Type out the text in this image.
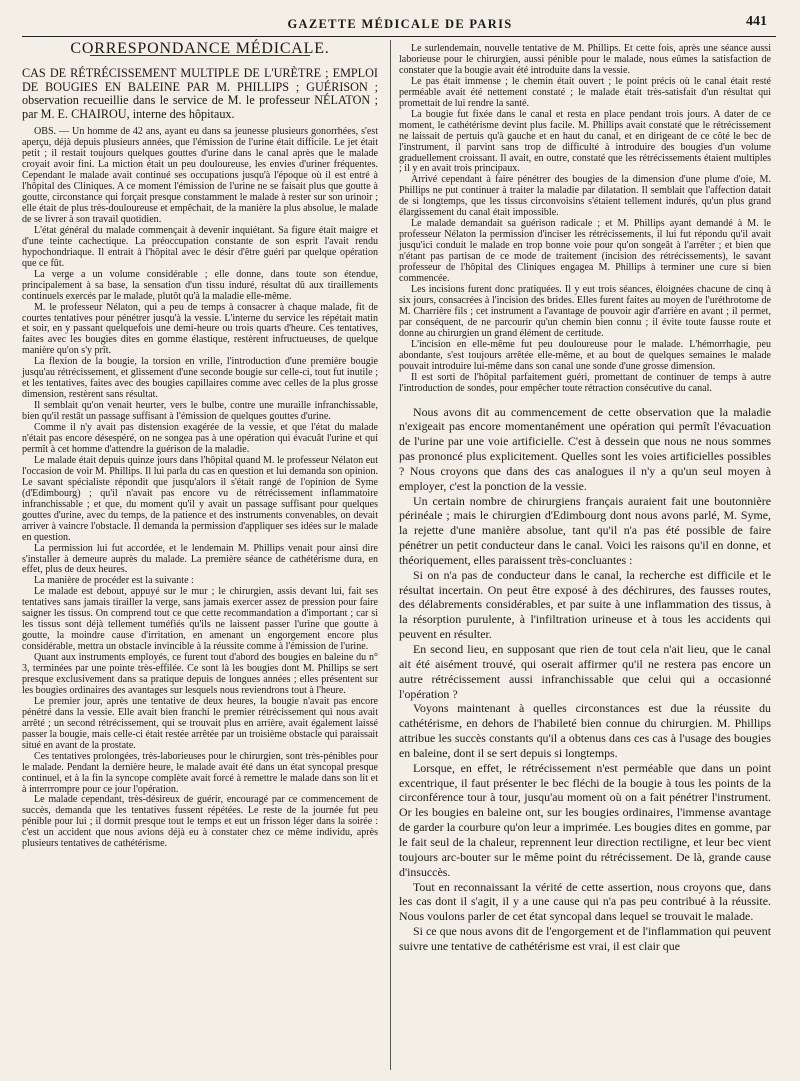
GAZETTE MÉDICALE DE PARIS	441

CORRESPONDANCE MÉDICALE.

CAS DE RÉTRÉCISSEMENT MULTIPLE DE L'URÈTRE ; EMPLOI DE BOUGIES EN BALEINE PAR M. PHILLIPS ; GUÉRISON ; observation recueillie dans le service de M. le professeur NÉLATON ; par M. E. CHAIROU, interne des hôpitaux.

OBS. — Un homme de 42 ans, ayant eu dans sa jeunesse plusieurs gonorrhées, s'est aperçu, déjà depuis plusieurs années, que l'émission de l'urine était difficile. Le jet était petit ; il restait toujours quelques gouttes d'urine dans le canal après que le malade croyait avoir fini. La miction était un peu douloureuse, les envies d'uriner fréquentes. Cependant le malade avait continué ses occupations jusqu'à l'époque où il est entré à l'hôpital des Cliniques. A ce moment l'émission de l'urine ne se faisait plus que goutte à goutte, circonstance qui forçait presque constamment le malade à rester sur son urinoir ; elle était de plus très-douloureuse et empêchait, de la manière la plus absolue, le malade de se livrer à son travail quotidien.

L'état général du malade commençait à devenir inquiétant. Sa figure était maigre et d'une teinte cachectique. La préoccupation constante de son esprit l'avait rendu hypochondriaque. Il entrait à l'hôpital avec le désir d'être guéri par quelque opération que ce fût.

La verge a un volume considérable ; elle donne, dans toute son étendue, principalement à sa base, la sensation d'un tissu induré, résultat dû aux tiraillements continuels exercés par le malade, plutôt qu'à la maladie elle-même.

M. le professeur Nélaton, qui a peu de temps à consacrer à chaque malade, fit de courtes tentatives pour pénétrer jusqu'à la vessie. L'interne du service les répétait matin et soir, en y passant quelquefois une demi-heure ou trois quarts d'heure. Ces tentatives, faites avec les bougies dites en gomme élastique, restèrent infructueuses, de quelque manière qu'on s'y prît.

La flexion de la bougie, la torsion en vrille, l'introduction d'une première bougie jusqu'au rétrécissement, et glissement d'une seconde bougie sur celle-ci, tout fut inutile ; et les tentatives, faites avec des bougies capillaires comme avec celles de la plus grosse dimension, restèrent sans résultat.

Il semblait qu'on venait heurter, vers le bulbe, contre une muraille infranchissable, bien qu'il restât un passage suffisant à l'émission de quelques gouttes d'urine.

Comme il n'y avait pas distension exagérée de la vessie, et que l'état du malade n'était pas encore désespéré, on ne songea pas à une opération qui évacuât l'urine et qui permît à cet homme d'attendre la guérison de la maladie.

Le malade était depuis quinze jours dans l'hôpital quand M. le professeur Nélaton eut l'occasion de voir M. Phillips. Il lui parla du cas en question et lui demanda son opinion. Le savant spécialiste répondit que jusqu'alors il s'était rangé de l'opinion de Syme (d'Edimbourg) ; qu'il n'avait pas encore vu de rétrécissement inflammatoire infranchissable ; et que, du moment qu'il y avait un passage suffisant pour quelques gouttes d'urine, avec du temps, de la patience et des instruments convenables, on devait arriver à vaincre l'obstacle. Il demanda la permission d'appliquer ses idées sur le malade en question.

La permission lui fut accordée, et le lendemain M. Phillips venait pour ainsi dire s'installer à demeure auprès du malade. La première séance de cathétérisme dura, en effet, plus de deux heures.

La manière de procéder est la suivante :

Le malade est debout, appuyé sur le mur ; le chirurgien, assis devant lui, fait ses tentatives sans jamais tirailler la verge, sans jamais exercer assez de pression pour faire saigner les tissus. On comprend tout ce que cette recommandation a d'important ; car si les tissus sont déjà tellement tuméfiés qu'ils ne laissent passer l'urine que goutte à goutte, la moindre cause d'irritation, en amenant un engorgement encore plus considérable, mettra un obstacle invincible à la réussite comme à l'émission de l'urine.

Quant aux instruments employés, ce furent tout d'abord des bougies en baleine du n° 3, terminées par une pointe très-effilée. Ce sont là les bougies dont M. Phillips se sert presque exclusivement dans sa pratique depuis de longues années ; elles présentent sur les bougies ordinaires des avantages sur lesquels nous reviendrons tout à l'heure.

Le premier jour, après une tentative de deux heures, la bougie n'avait pas encore pénétré dans la vessie. Elle avait bien franchi le premier rétrécissement qui nous avait arrêté ; un second rétrécissement, qui se trouvait plus en arrière, avait également laissé passer la bougie, mais celle-ci était restée arrêtée par un troisième obstacle qui paraissait situé en avant de la prostate.

Ces tentatives prolongées, très-laborieuses pour le chirurgien, sont très-pénibles pour le malade. Pendant la dernière heure, le malade avait été dans un état syncopal presque continuel, et à la fin la syncope complète avait forcé à remettre le malade dans son lit et à interrrompre pour ce jour l'opération.

Le malade cependant, très-désireux de guérir, encouragé par ce commencement de succès, demanda que les tentatives fussent répétées. Le reste de la journée fut peu pénible pour lui ; il dormit presque tout le temps et eut un frisson léger dans la soirée : c'est un accident que nous avions déjà eu à constater chez ce même individu, après plusieurs tentatives de cathétérisme.

Le surlendemain, nouvelle tentative de M. Phillips. Et cette fois, après une séance aussi laborieuse pour le chirurgien, aussi pénible pour le malade, nous eûmes la satisfaction de constater que la bougie avait été introduite dans la vessie.

Le pas était immense ; le chemin était ouvert ; le point précis où le canal était resté perméable avait été nettement constaté ; le malade était très-satisfait d'un résultat qui promettait de lui rendre la santé.

La bougie fut fixée dans le canal et resta en place pendant trois jours. A dater de ce moment, le cathétérisme devint plus facile. M. Phillips avait constaté que le rétrécissement ne laissait de pertuis qu'à gauche et en haut du canal, et en dirigeant de ce côté le bec de l'instrument, il parvint sans trop de difficulté à introduire des bougies d'un volume graduellement croissant. Il avait, en outre, constaté que les rétrécissements étaient multiples ; il y en avait trois principaux.

Arrivé cependant à faire pénétrer des bougies de la dimension d'une plume d'oie, M. Phillips ne put continuer à traiter la maladie par dilatation. Il semblait que l'affection datait de si longtemps, que les tissus circonvoisins s'étaient tellement indurés, qu'un plus grand élargissement du canal était impossible.

Le malade demandait sa guérison radicale ; et M. Phillips ayant demandé à M. le professeur Nélaton la permission d'inciser les rétrécissements, il lui fut répondu qu'il avait jusqu'ici conduit le malade en trop bonne voie pour qu'on songeât à l'arrêter ; et bien que n'étant pas partisan de ce mode de traitement (incision des rétrécissements), le savant professeur de l'hôpital des Cliniques engagea M. Phillips à terminer une cure si bien commencée.

Les incisions furent donc pratiquées. Il y eut trois séances, éloignées chacune de cinq à six jours, consacrées à l'incision des brides. Elles furent faites au moyen de l'uréthrotome de M. Charrière fils ; cet instrument a l'avantage de pouvoir agir d'arrière en avant ; il permet, par conséquent, de ne parcourir qu'un chemin bien connu ; il évite toute fausse route et donne au chirurgien un grand élément de certitude.

L'incision en elle-même fut peu douloureuse pour le malade. L'hémorrhagie, peu abondante, s'est toujours arrêtée elle-même, et au bout de quelques semaines le malade pouvait introduire lui-même dans son canal une sonde d'une grosse dimension.

Il est sorti de l'hôpital parfaitement guéri, promettant de continuer de temps à autre l'introduction de sondes, pour empêcher toute rétraction consécutive du canal.

Nous avons dit au commencement de cette observation que la maladie n'exigeait pas encore momentanément une opération qui permît l'évacuation de l'urine par une voie artificielle. C'est à dessein que nous ne nous sommes pas prononcé plus explicitement. Quelles sont les voies artificielles possibles ? Nous croyons que dans des cas analogues il n'y a qu'un seul moyen à employer, c'est la ponction de la vessie.

Un certain nombre de chirurgiens français auraient fait une boutonnière périnéale ; mais le chirurgien d'Edimbourg dont nous avons parlé, M. Syme, la rejette d'une manière absolue, tant qu'il n'a pas été possible de faire pénétrer un petit conducteur dans le canal. Voici les raisons qu'il en donne, et théoriquement, elles paraissent très-concluantes :

Si on n'a pas de conducteur dans le canal, la recherche est difficile et le résultat incertain. On peut être exposé à des déchirures, des fausses routes, des délabrements considérables, et par suite à une inflammation des tissus, à la résorption purulente, à l'infiltration urineuse et à tous les accidents qui peuvent en résulter.

En second lieu, en supposant que rien de tout cela n'ait lieu, que le canal ait été aisément trouvé, qui oserait affirmer qu'il ne restera pas encore un autre rétrécissement aussi infranchissable que celui qui a occasionné l'opération ?

Voyons maintenant à quelles circonstances est due la réussite du cathétérisme, en dehors de l'habileté bien connue du chirurgien. M. Phillips attribue les succès constants qu'il a obtenus dans ces cas à l'usage des bougies en baleine, dont il se sert depuis si longtemps.

Lorsque, en effet, le rétrécissement n'est perméable que dans un point excentrique, il faut présenter le bec fléchi de la bougie à tous les points de la circonférence tour à tour, jusqu'au moment où on a fait pénétrer l'instrument. Or les bougies en baleine ont, sur les bougies ordinaires, l'immense avantage de garder la courbure qu'on leur a imprimée. Les bougies dites en gomme, par le fait seul de la chaleur, reprennent leur direction rectiligne, et leur bec vient toujours arc-bouter sur le même point du rétrécissement. De là, grande cause d'insuccès.

Tout en reconnaissant la vérité de cette assertion, nous croyons que, dans les cas dont il s'agit, il y a une cause qui n'a pas peu contribué à la réussite. Nous voulons parler de cet état syncopal dans lequel se trouvait le malade.

Si ce que nous avons dit de l'engorgement et de l'inflammation qui peuvent suivre une tentative de cathétérisme est vrai, il est clair que
